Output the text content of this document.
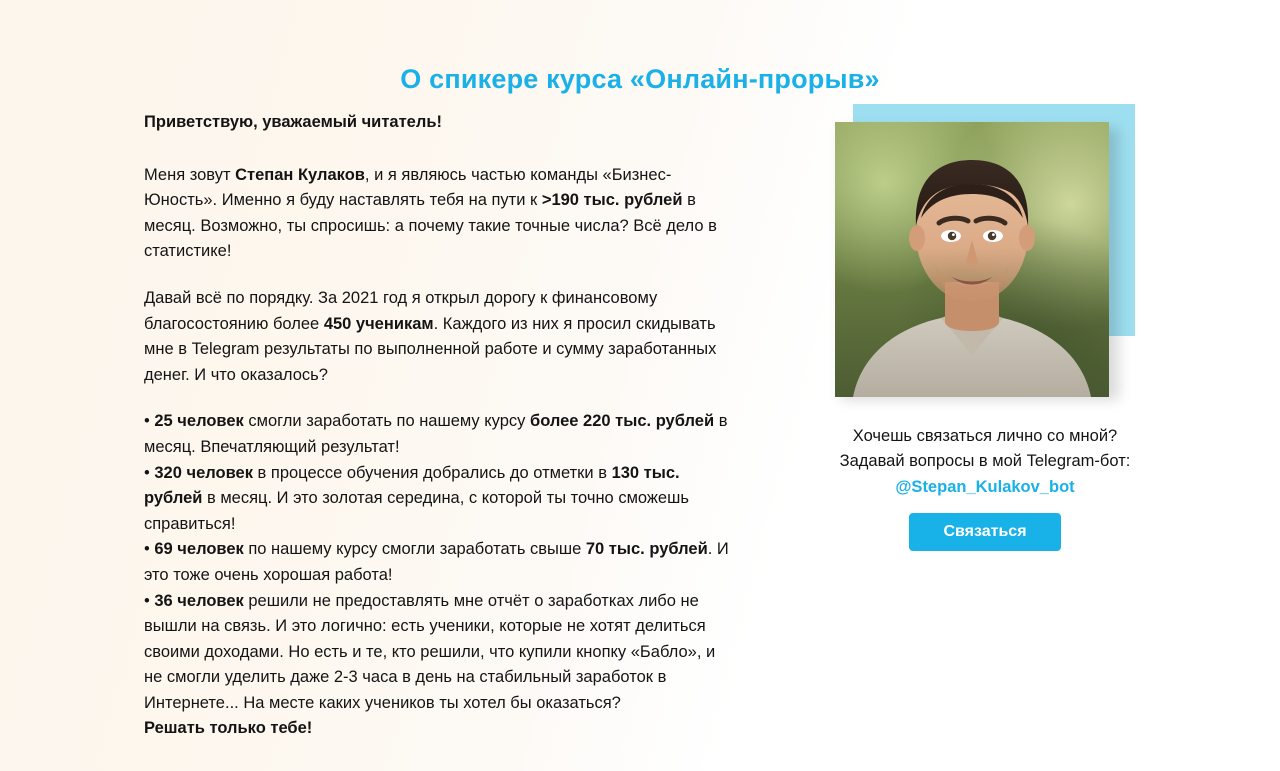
О спикере курса «Онлайн-прорыв»

Приветствую, уважаемый читатель!

Меня зовут Степан Кулаков, и я являюсь частью команды «Бизнес-Юность». Именно я буду наставлять тебя на пути к >190 тыс. рублей в месяц. Возможно, ты спросишь: а почему такие точные числа? Всё дело в статистике!

Давай всё по порядку. За 2021 год я открыл дорогу к финансовому благосостоянию более 450 ученикам. Каждого из них я просил скидывать мне в Telegram результаты по выполненной работе и сумму заработанных денег. И что оказалось?

• 25 человек смогли заработать по нашему курсу более 220 тыс. рублей в месяц. Впечатляющий результат!

• 320 человек в процессе обучения добрались до отметки в 130 тыс. рублей в месяц. И это золотая середина, с которой ты точно сможешь справиться!

• 69 человек по нашему курсу смогли заработать свыше 70 тыс. рублей. И это тоже очень хорошая работа!

• 36 человек решили не предоставлять мне отчёт о заработках либо не вышли на связь. И это логично: есть ученики, которые не хотят делиться своими доходами. Но есть и те, кто решили, что купили кнопку «Бабло», и не смогли уделить даже 2-3 часа в день на стабильный заработок в Интернете... На месте каких учеников ты хотел бы оказаться?

Решать только тебе!

Хочешь связаться лично со мной? Задавай вопросы в мой Telegram-бот:
@Stepan_Kulakov_bot
Связаться
